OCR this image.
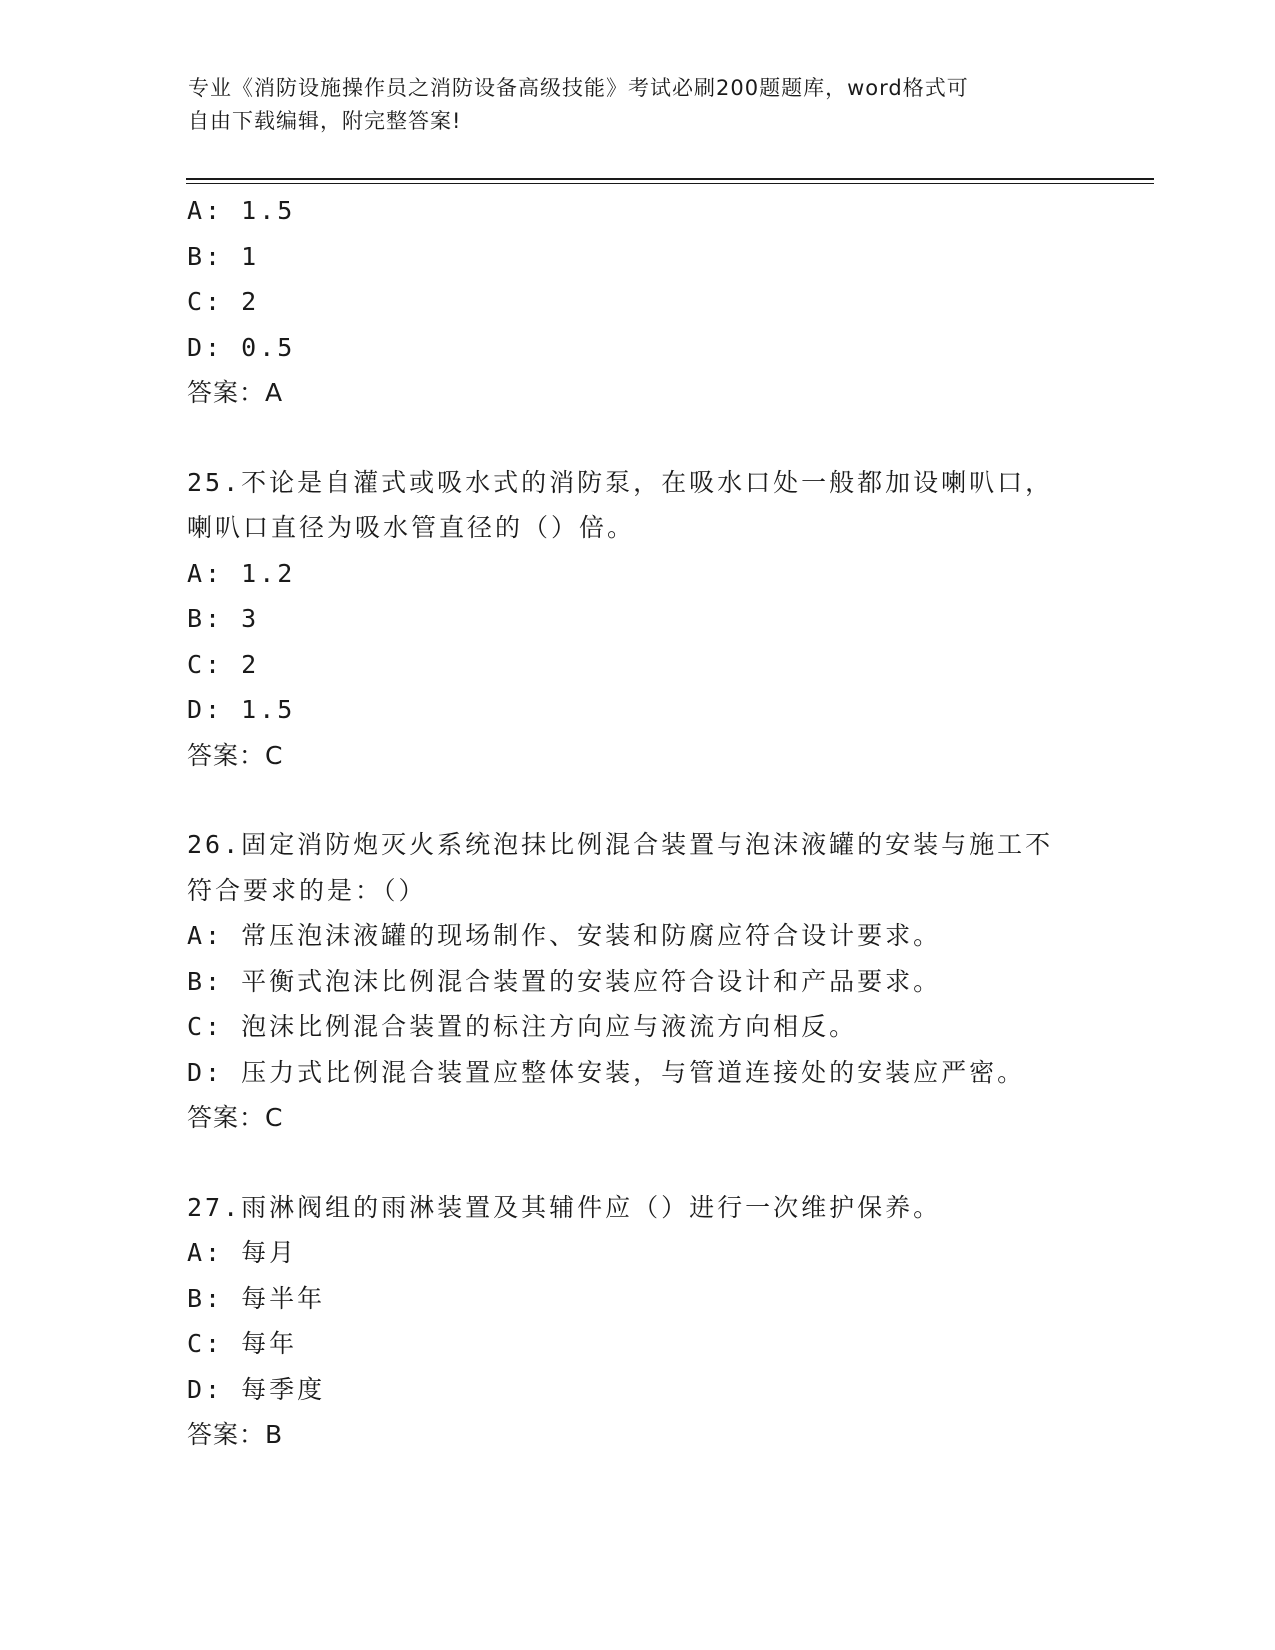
专业《消防设施操作员之消防设备高级技能》考试必刷200题题库，word格式可
自由下载编辑，附完整答案!
A: 1.5
B: 1
C: 2
D: 0.5
答案：A
25.不论是自灌式或吸水式的消防泵，在吸水口处一般都加设喇叭口，
喇叭口直径为吸水管直径的（）倍。
A: 1.2
B: 3
C: 2
D: 1.5
答案：C
26.固定消防炮灭火系统泡抹比例混合装置与泡沫液罐的安装与施工不
符合要求的是：（）
A: 常压泡沫液罐的现场制作、安装和防腐应符合设计要求。
B: 平衡式泡沫比例混合装置的安装应符合设计和产品要求。
C: 泡沫比例混合装置的标注方向应与液流方向相反。
D: 压力式比例混合装置应整体安装，与管道连接处的安装应严密。
答案：C
27.雨淋阀组的雨淋装置及其辅件应（）进行一次维护保养。
A: 每月
B: 每半年
C: 每年
D: 每季度
答案：B
